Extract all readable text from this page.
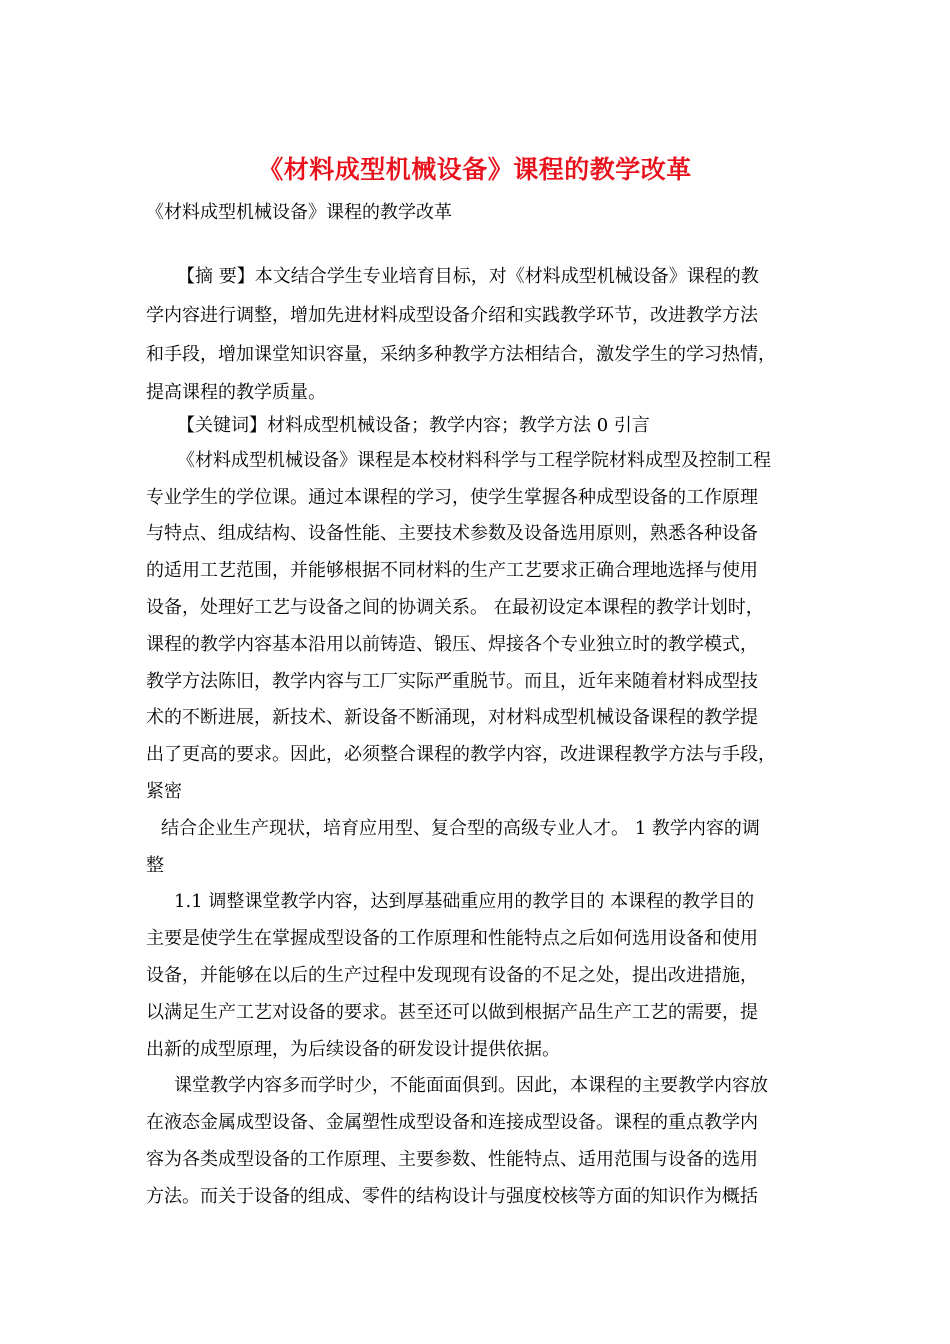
《材料成型机械设备》课程的教学改革
《材料成型机械设备》课程的教学改革
【摘 要】本文结合学生专业培育目标，对《材料成型机械设备》课程的教
学内容进行调整，增加先进材料成型设备介绍和实践教学环节，改进教学方法
和手段，增加课堂知识容量，采纳多种教学方法相结合，激发学生的学习热情，
提高课程的教学质量。
【关键词】材料成型机械设备；教学内容；教学方法 0 引言
《材料成型机械设备》课程是本校材料科学与工程学院材料成型及控制工程
专业学生的学位课。通过本课程的学习，使学生掌握各种成型设备的工作原理
与特点、组成结构、设备性能、主要技术参数及设备选用原则，熟悉各种设备
的适用工艺范围，并能够根据不同材料的生产工艺要求正确合理地选择与使用
设备，处理好工艺与设备之间的协调关系。 在最初设定本课程的教学计划时，
课程的教学内容基本沿用以前铸造、锻压、焊接各个专业独立时的教学模式，
教学方法陈旧，教学内容与工厂实际严重脱节。而且，近年来随着材料成型技
术的不断进展，新技术、新设备不断涌现，对材料成型机械设备课程的教学提
出了更高的要求。因此，必须整合课程的教学内容，改进课程教学方法与手段，
紧密
结合企业生产现状，培育应用型、复合型的高级专业人才。 1 教学内容的调
整
1.1 调整课堂教学内容，达到厚基础重应用的教学目的 本课程的教学目的
主要是使学生在掌握成型设备的工作原理和性能特点之后如何选用设备和使用
设备，并能够在以后的生产过程中发现现有设备的不足之处，提出改进措施，
以满足生产工艺对设备的要求。甚至还可以做到根据产品生产工艺的需要，提
出新的成型原理，为后续设备的研发设计提供依据。
课堂教学内容多而学时少，不能面面俱到。因此，本课程的主要教学内容放
在液态金属成型设备、金属塑性成型设备和连接成型设备。课程的重点教学内
容为各类成型设备的工作原理、主要参数、性能特点、适用范围与设备的选用
方法。而关于设备的组成、零件的结构设计与强度校核等方面的知识作为概括
